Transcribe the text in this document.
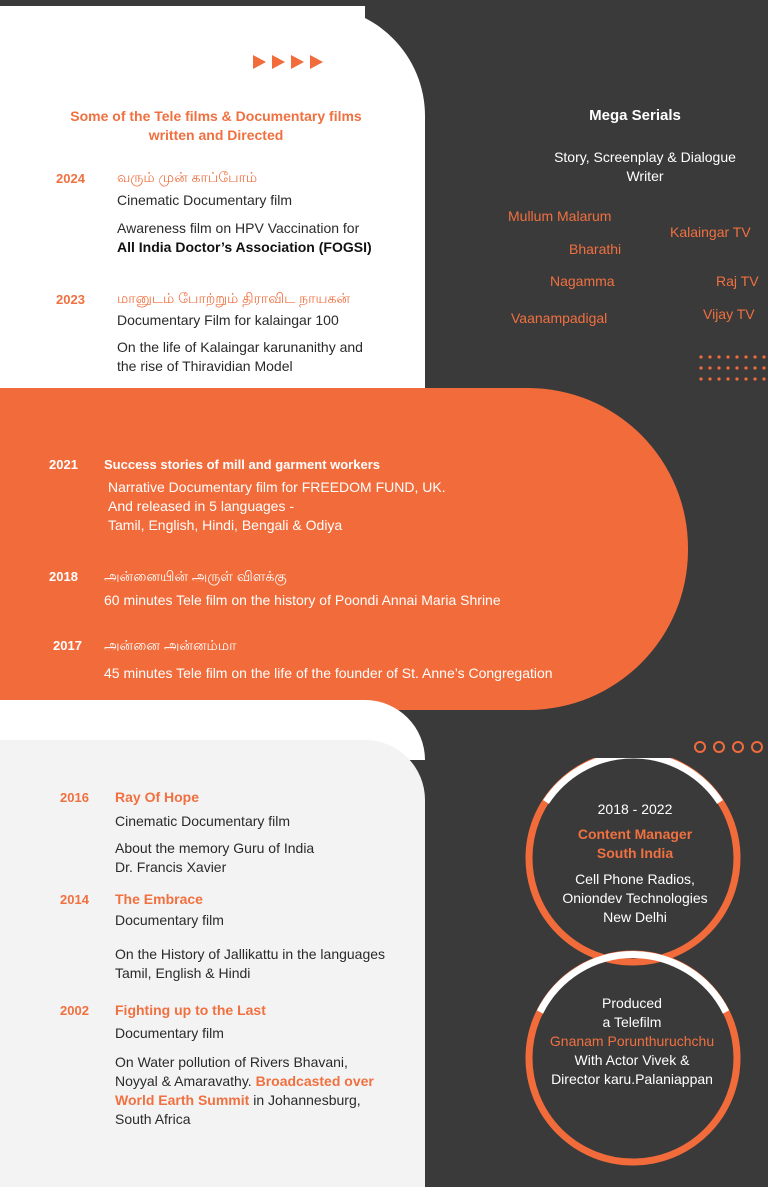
Some of the Tele films & Documentary films
written and Directed
2024 வரும் முன் காப்போம்
Cinematic Documentary film
Awareness film on HPV Vaccination for
All India Doctor’s Association (FOGSI)
2023 மானுடம் போற்றும் திராவிட நாயகன்
Documentary Film for kalaingar 100
On the life of Kalaingar karunanithy and
the rise of Thiravidian Model
Mega Serials
Story, Screenplay & Dialogue
Writer
Mullum Malarum
Bharathi
Nagamma
Vaanampadigal
Kalaingar TV
Raj TV
Vijay TV
2021 Success stories of mill and garment workers
Narrative Documentary film for FREEDOM FUND, UK.
And released in 5 languages -
Tamil, English, Hindi, Bengali & Odiya
2018 அன்னையின் அருள் விளக்கு
60 minutes Tele film on the history of Poondi Annai Maria Shrine
2017 அன்னை அன்னம்மா
45 minutes Tele film on the life of the founder of St. Anne’s Congregation
2016 Ray Of Hope
Cinematic Documentary film
About the memory Guru of India
Dr. Francis Xavier
2014 The Embrace
Documentary film
On the History of Jallikattu in the languages
Tamil, English & Hindi
2002 Fighting up to the Last
Documentary film
On Water pollution of Rivers Bhavani,
Noyyal & Amaravathy. Broadcasted over
World Earth Summit in Johannesburg,
South Africa
2018 - 2022
Content Manager
South India
Cell Phone Radios,
Oniondev Technologies
New Delhi
Produced
a Telefilm
Gnanam Porunthuruchchu
With Actor Vivek &
Director karu.Palaniappan
